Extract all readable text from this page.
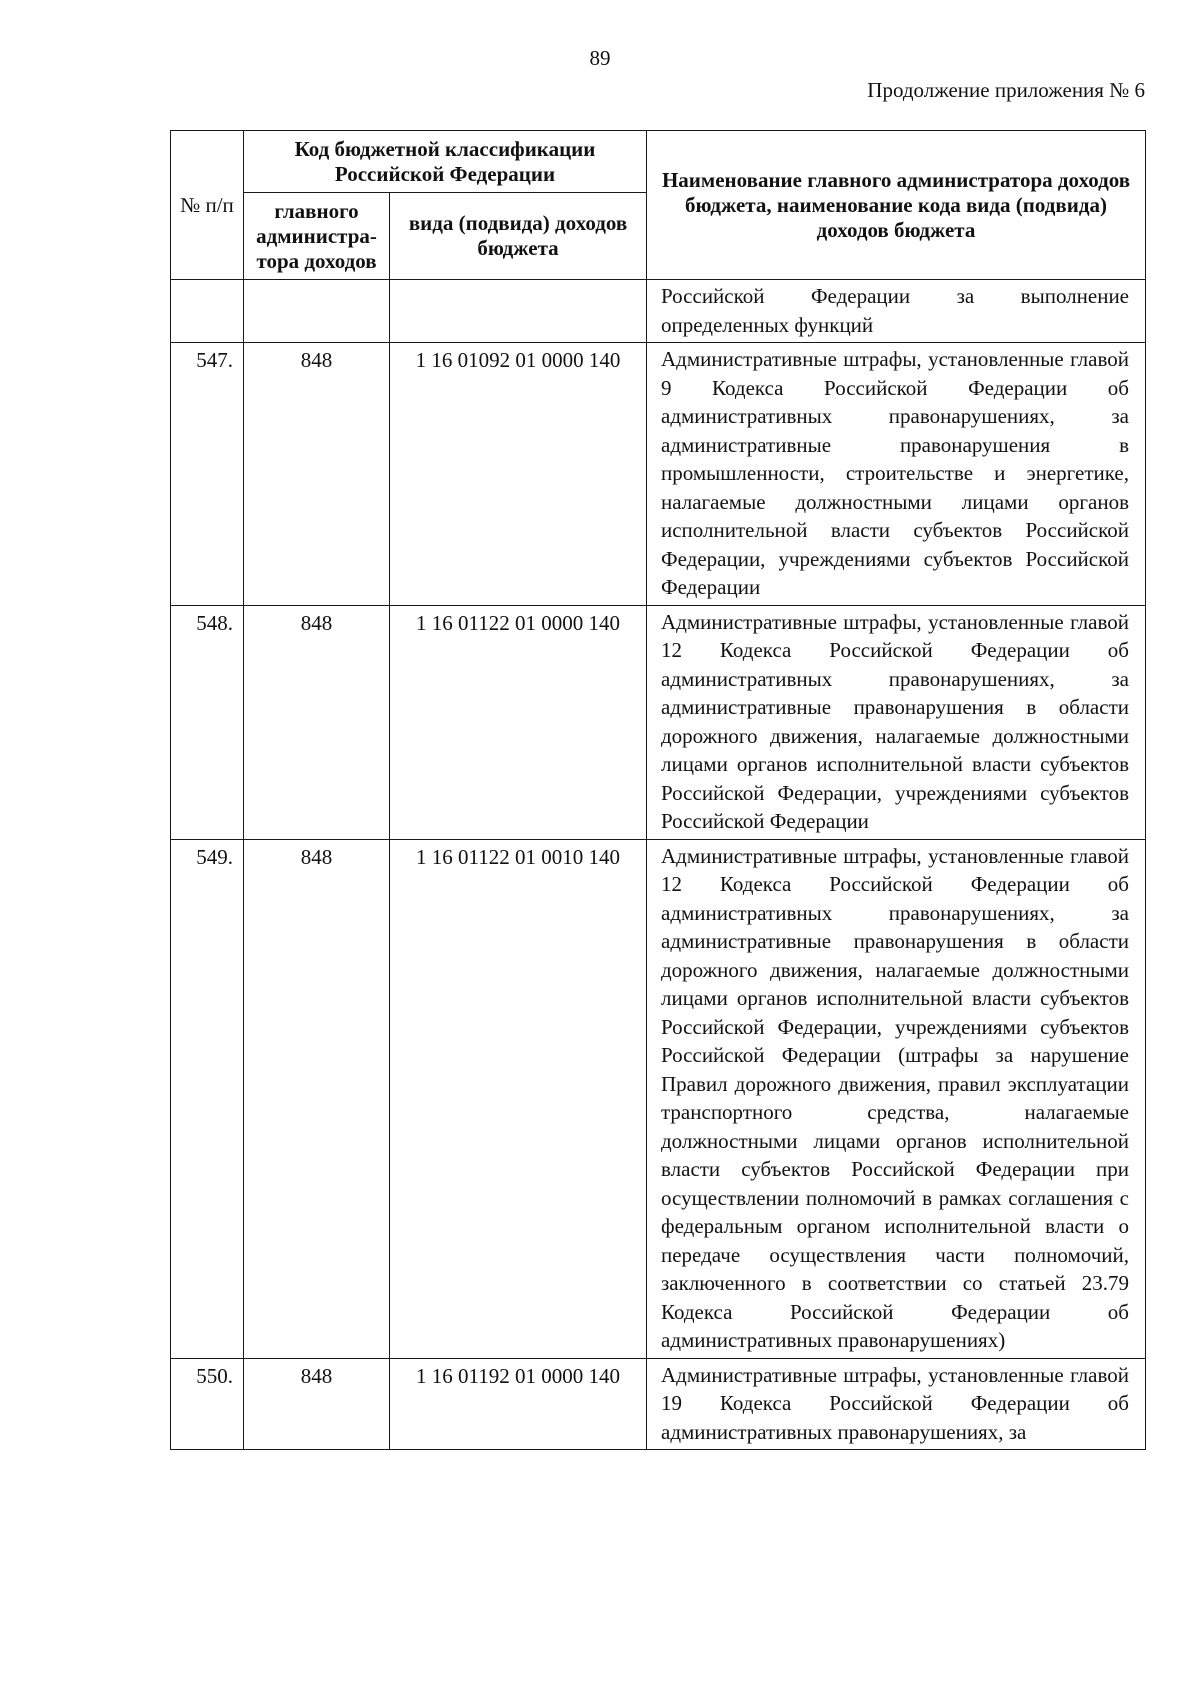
89
Продолжение приложения № 6
№ п/п	Код бюджетной классификации Российской Федерации		Наименование главного администратора доходов бюджета, наименование кода вида (подвида) доходов бюджета
	главного администра-тора доходов	вида (подвида) доходов бюджета	
			Российской Федерации за выполнение определенных функций
547.	848	1 16 01092 01 0000 140	Административные штрафы, установленные главой 9 Кодекса Российской Федерации об административных правонарушениях, за административные правонарушения в промышленности, строительстве и энергетике, налагаемые должностными лицами органов исполнительной власти субъектов Российской Федерации, учреждениями субъектов Российской Федерации
548.	848	1 16 01122 01 0000 140	Административные штрафы, установленные главой 12 Кодекса Российской Федерации об административных правонарушениях, за административные правонарушения в области дорожного движения, налагаемые должностными лицами органов исполнительной власти субъектов Российской Федерации, учреждениями субъектов Российской Федерации
549.	848	1 16 01122 01 0010 140	Административные штрафы, установленные главой 12 Кодекса Российской Федерации об административных правонарушениях, за административные правонарушения в области дорожного движения, налагаемые должностными лицами органов исполнительной власти субъектов Российской Федерации, учреждениями субъектов Российской Федерации (штрафы за нарушение Правил дорожного движения, правил эксплуатации транспортного средства, налагаемые должностными лицами органов исполнительной власти субъектов Российской Федерации при осуществлении полномочий в рамках соглашения с федеральным органом исполнительной власти о передаче осуществления части полномочий, заключенного в соответствии со статьей 23.79 Кодекса Российской Федерации об административных правонарушениях)
550.	848	1 16 01192 01 0000 140	Административные штрафы, установленные главой 19 Кодекса Российской Федерации об административных правонарушениях, за
